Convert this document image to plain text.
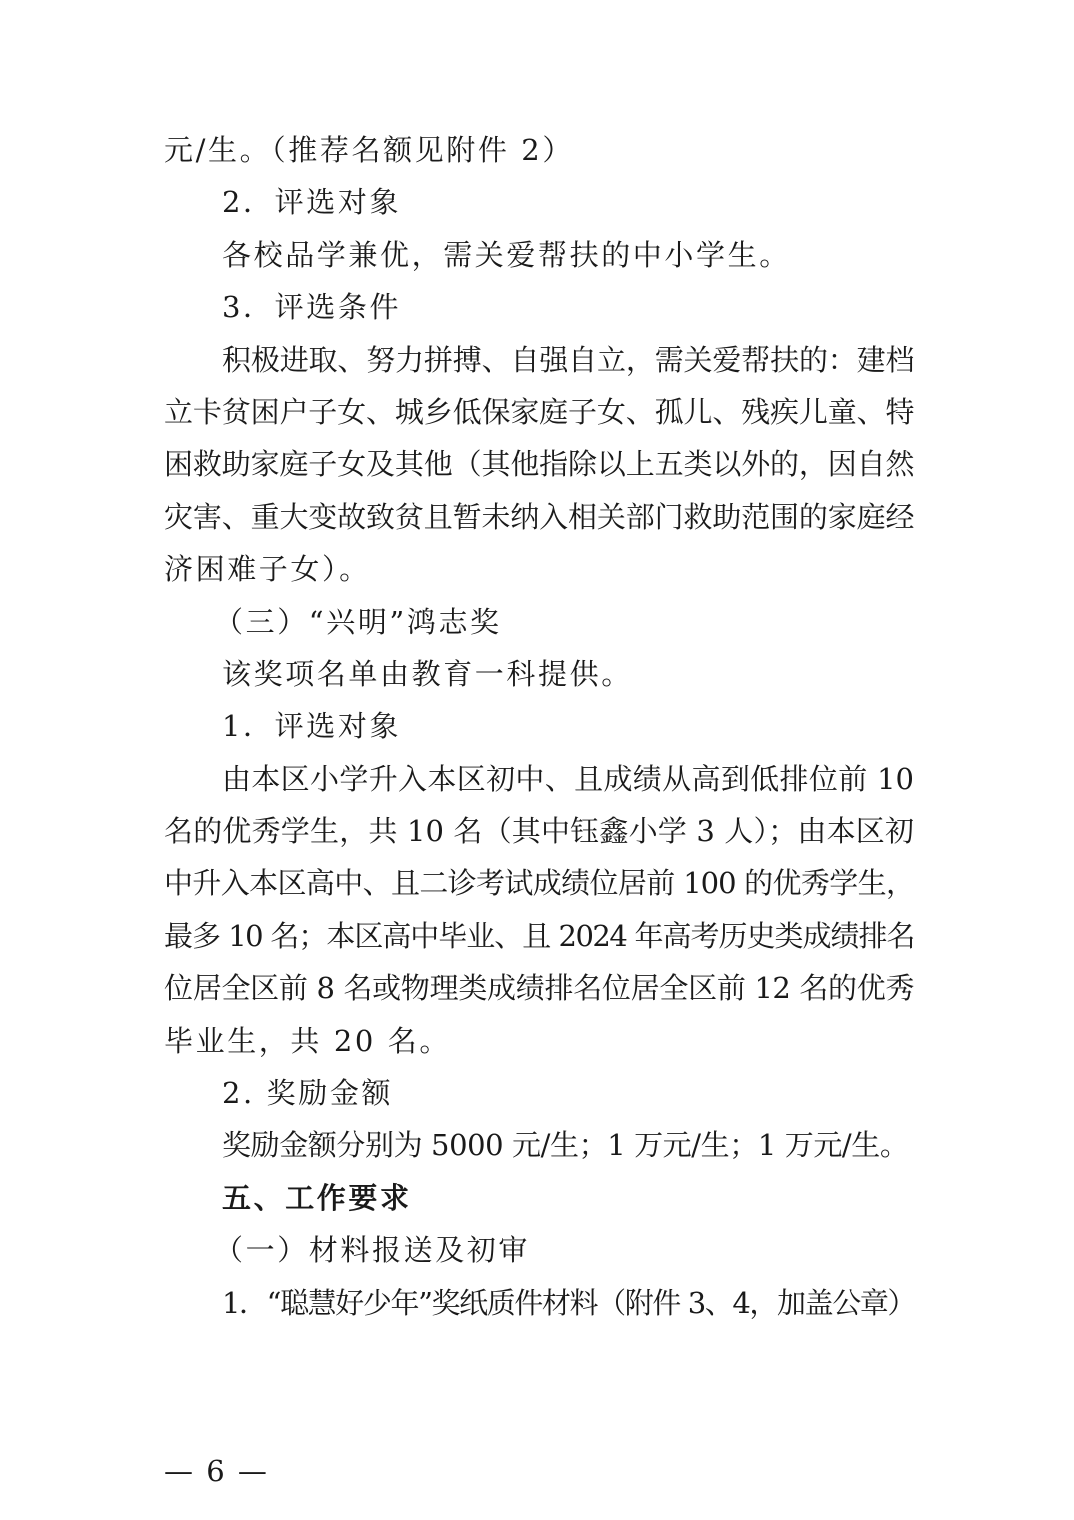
元/生。（推荐名额见附件 2）
2．评选对象
各校品学兼优，需关爱帮扶的中小学生。
3．评选条件
积极进取、努力拼搏、自强自立，需关爱帮扶的：建档
立卡贫困户子女、城乡低保家庭子女、孤儿、残疾儿童、特
困救助家庭子女及其他（其他指除以上五类以外的，因自然
灾害、重大变故致贫且暂未纳入相关部门救助范围的家庭经
济困难子女）。
（三）“兴明”鸿志奖
该奖项名单由教育一科提供。
1．评选对象
由本区小学升入本区初中、且成绩从高到低排位前 10
名的优秀学生，共 10 名（其中钰鑫小学 3 人）；由本区初
中升入本区高中、且二诊考试成绩位居前 100 的优秀学生，
最多 10 名；本区高中毕业、且 2024 年高考历史类成绩排名
位居全区前 8 名或物理类成绩排名位居全区前 12 名的优秀
毕业生，共 20 名。
2. 奖励金额
奖励金额分别为 5000 元/生；1 万元/生；1 万元/生。
五、工作要求
（一）材料报送及初审
1．“聪慧好少年”奖纸质件材料（附件 3、4，加盖公章）
— 6 —
